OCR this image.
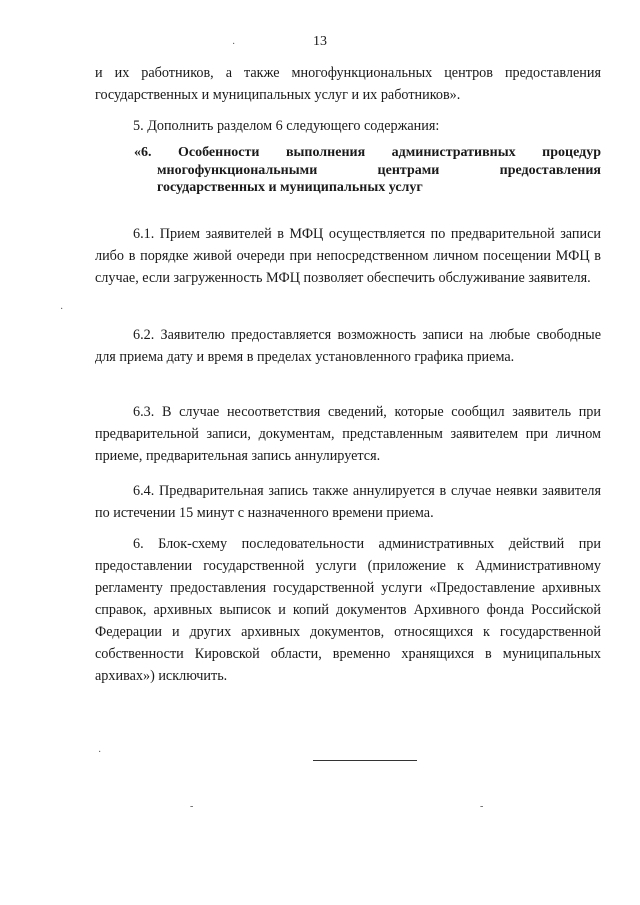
13
и их работников, а также многофункциональных центров предоставления
государственных и муниципальных услуг и их работников».
5. Дополнить разделом 6 следующего содержания:
«6. Особенности выполнения административных процедур
многофункциональными центрами предоставления
государственных и муниципальных услуг
6.1. Прием заявителей в МФЦ осуществляется по предварительной записи либо в порядке живой очереди при непосредственном личном посещении МФЦ в случае, если загруженность МФЦ позволяет обеспечить обслуживание заявителя.
6.2. Заявителю предоставляется возможность записи на любые свободные для приема дату и время в пределах установленного графика приема.
6.3. В случае несоответствия сведений, которые сообщил заявитель при предварительной записи, документам, представленным заявителем при личном приеме, предварительная запись аннулируется.
6.4. Предварительная запись также аннулируется в случае неявки заявителя по истечении 15 минут с назначенного времени приема.
6. Блок-схему последовательности административных действий при предоставлении государственной услуги (приложение к Административному регламенту предоставления государственной услуги «Предоставление архивных справок, архивных выписок и копий документов Архивного фонда Российской Федерации и других архивных документов, относящихся к государственной собственности Кировской области, временно хранящихся в муниципальных архивах») исключить.
·
·
·
-	-
